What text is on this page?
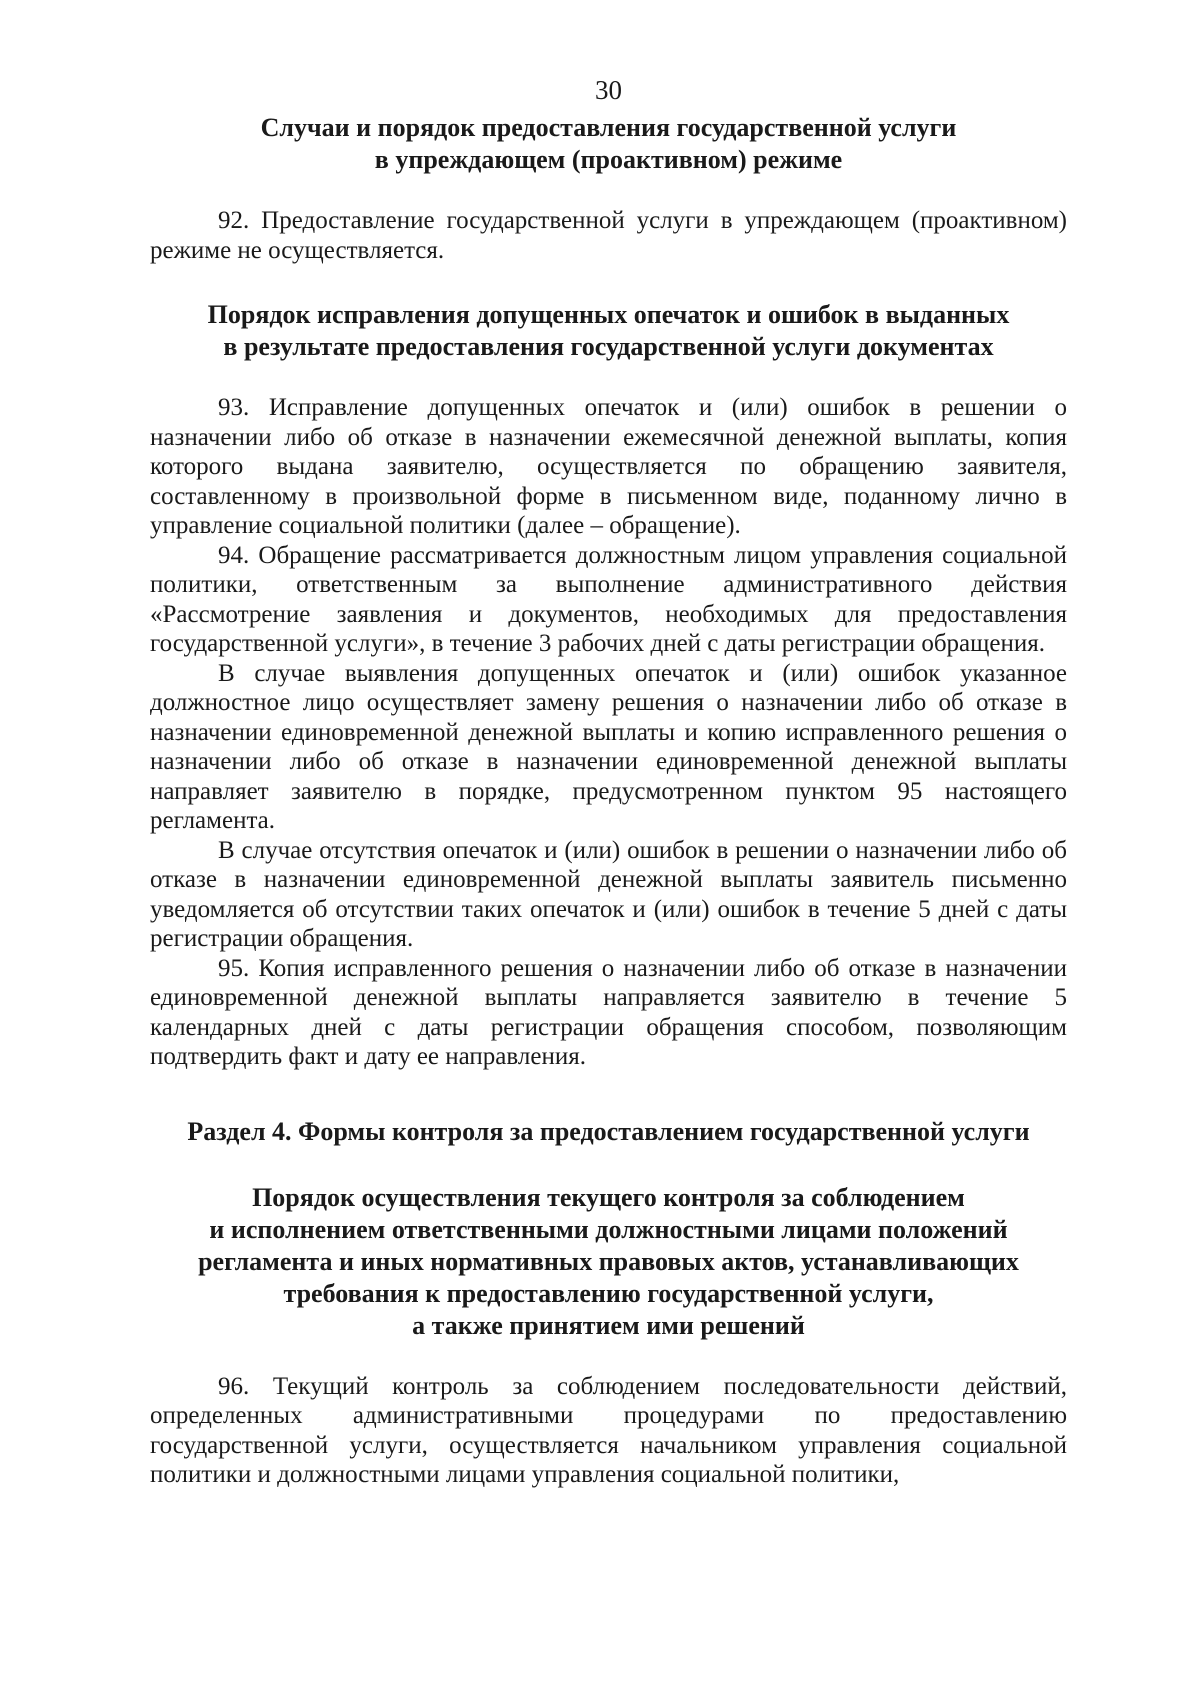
30
Случаи и порядок предоставления государственной услуги
в упреждающем (проактивном) режиме

92. Предоставление государственной услуги в упреждающем (проактивном) режиме не осуществляется.

Порядок исправления допущенных опечаток и ошибок в выданных
в результате предоставления государственной услуги документах

93. Исправление допущенных опечаток и (или) ошибок в решении о назначении либо об отказе в назначении ежемесячной денежной выплаты, копия которого выдана заявителю, осуществляется по обращению заявителя, составленному в произвольной форме в письменном виде, поданному лично в управление социальной политики (далее – обращение).

94. Обращение рассматривается должностным лицом управления социальной политики, ответственным за выполнение административного действия «Рассмотрение заявления и документов, необходимых для предоставления государственной услуги», в течение 3 рабочих дней с даты регистрации обращения.

В случае выявления допущенных опечаток и (или) ошибок указанное должностное лицо осуществляет замену решения о назначении либо об отказе в назначении единовременной денежной выплаты и копию исправленного решения о назначении либо об отказе в назначении единовременной денежной выплаты направляет заявителю в порядке, предусмотренном пунктом 95 настоящего регламента.

В случае отсутствия опечаток и (или) ошибок в решении о назначении либо об отказе в назначении единовременной денежной выплаты заявитель письменно уведомляется об отсутствии таких опечаток и (или) ошибок в течение 5 дней с даты регистрации обращения.

95. Копия исправленного решения о назначении либо об отказе в назначении единовременной денежной выплаты направляется заявителю в течение 5 календарных дней с даты регистрации обращения способом, позволяющим подтвердить факт и дату ее направления.

Раздел 4. Формы контроля за предоставлением государственной услуги
Порядок осуществления текущего контроля за соблюдением
и исполнением ответственными должностными лицами положений
регламента и иных нормативных правовых актов, устанавливающих
требования к предоставлению государственной услуги,
а также принятием ими решений

96. Текущий контроль за соблюдением последовательности действий, определенных административными процедурами по предоставлению государственной услуги, осуществляется начальником управления социальной политики и должностными лицами управления социальной политики,
